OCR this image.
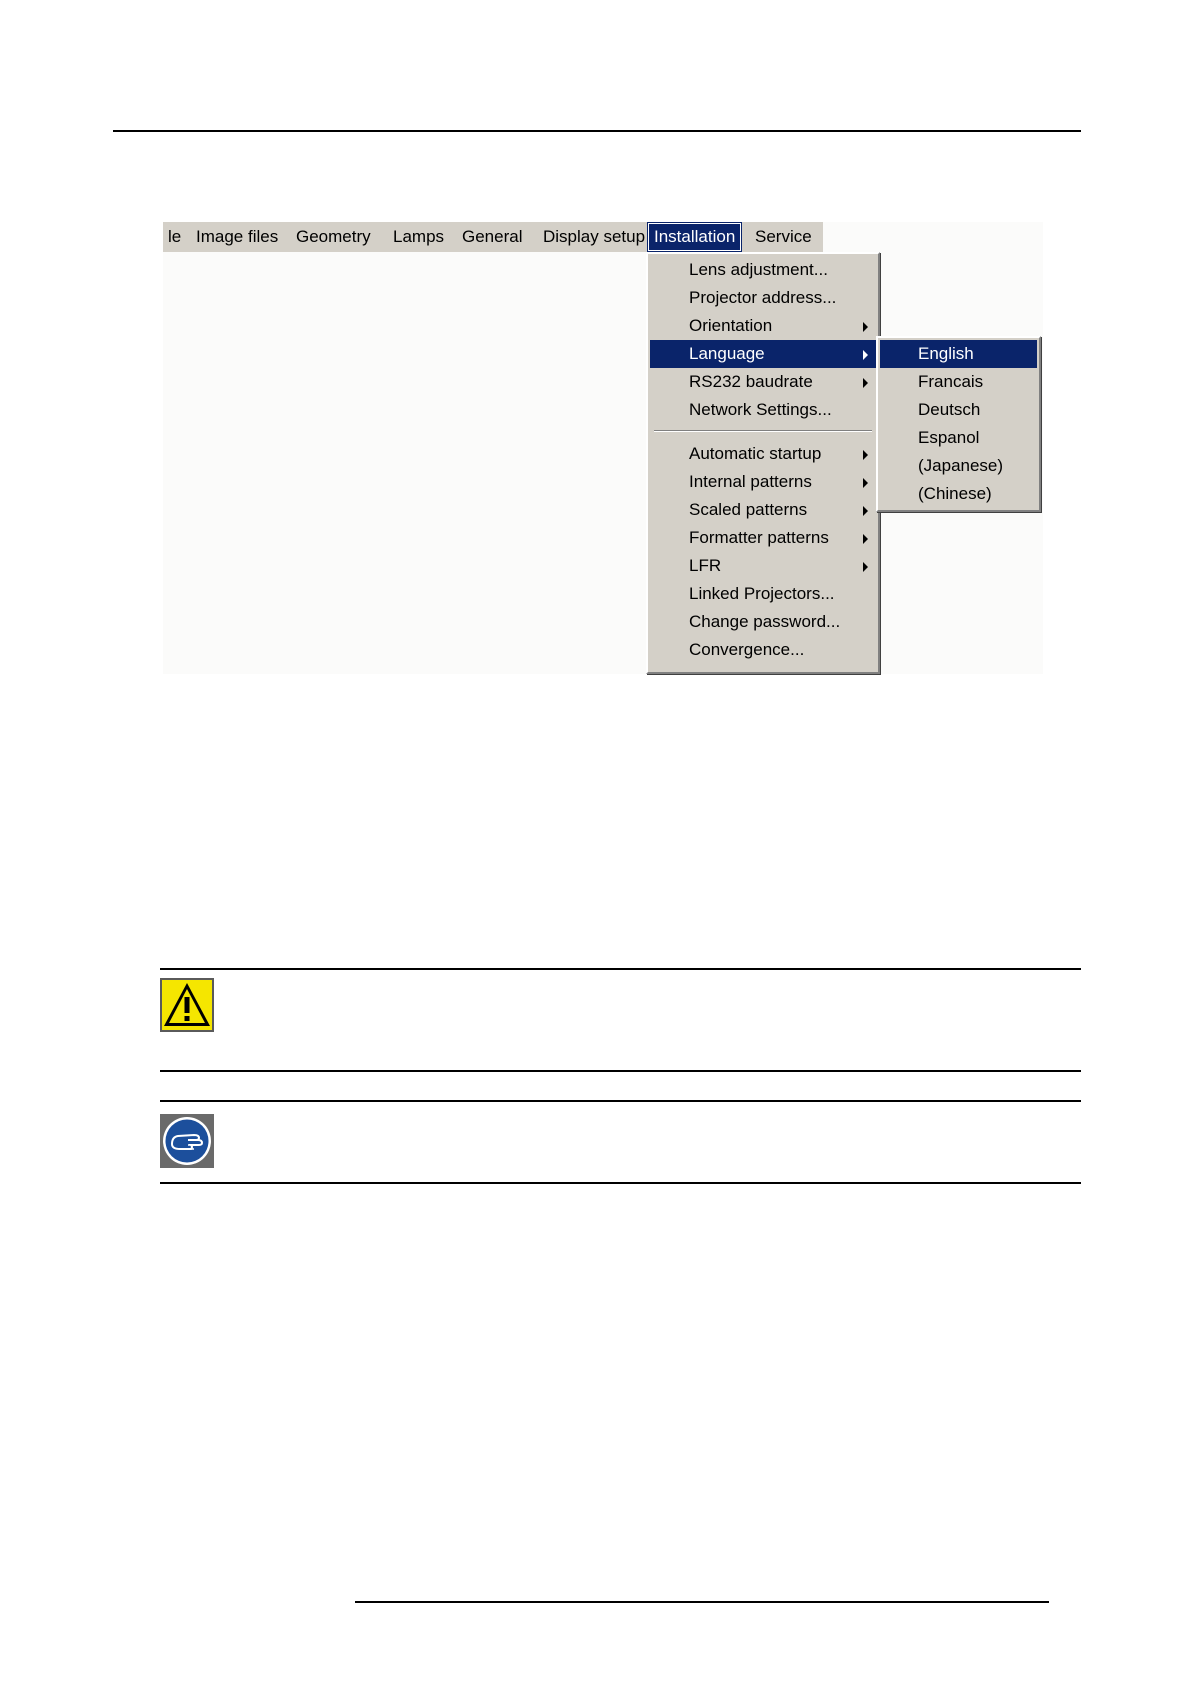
le Image files	Geometry	Lamps	General	Display setup Installation	Service
Lens adjustment...
Projector address...
Orientation
Language
RS232 baudrate
Network Settings...
Automatic startup
Internal patterns
Scaled patterns
Formatter patterns
LFR
Linked Projectors...
Change password...
Convergence...
English
Francais
Deutsch
Espanol
(Japanese)
(Chinese)
